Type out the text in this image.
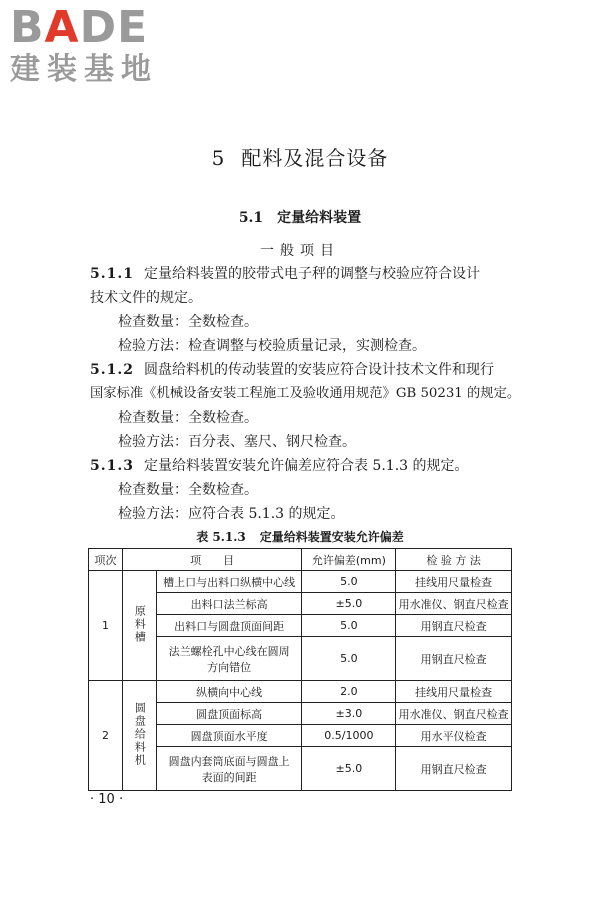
BADE
建装基地
5 配料及混合设备
5.1 定量给料装置
一般项目
5.1.1 定量给料装置的胶带式电子秤的调整与校验应符合设计
技术文件的规定。
检查数量：全数检查。
检验方法：检查调整与校验质量记录，实测检查。
5.1.2 圆盘给料机的传动装置的安装应符合设计技术文件和现行
国家标准《机械设备安装工程施工及验收通用规范》GB 50231 的规定。
检查数量：全数检查。
检验方法：百分表、塞尺、钢尺检查。
5.1.3 定量给料装置安装允许偏差应符合表 5.1.3 的规定。
检查数量：全数检查。
检验方法：应符合表 5.1.3 的规定。
表 5.1.3 定量给料装置安装允许偏差
项次	项　　目		允许偏差(mm)	检 验 方 法
1	原料槽	槽上口与出料口纵横中心线	5.0	挂线用尺量检查
		出料口法兰标高	±5.0	用水准仪、钢直尺检查
		出料口与圆盘顶面间距	5.0	用钢直尺检查

		法兰螺栓孔中心线在圆周
方向错位	5.0	用钢直尺检查
2	圆盘给料机	纵横向中心线	2.0	挂线用尺量检查
		圆盘顶面标高	±3.0	用水准仪、钢直尺检查
		圆盘顶面水平度	0.5/1000	用水平仪检查

		圆盘内套筒底面与圆盘上
表面的间距	±5.0	用钢直尺检查
· 10 ·
